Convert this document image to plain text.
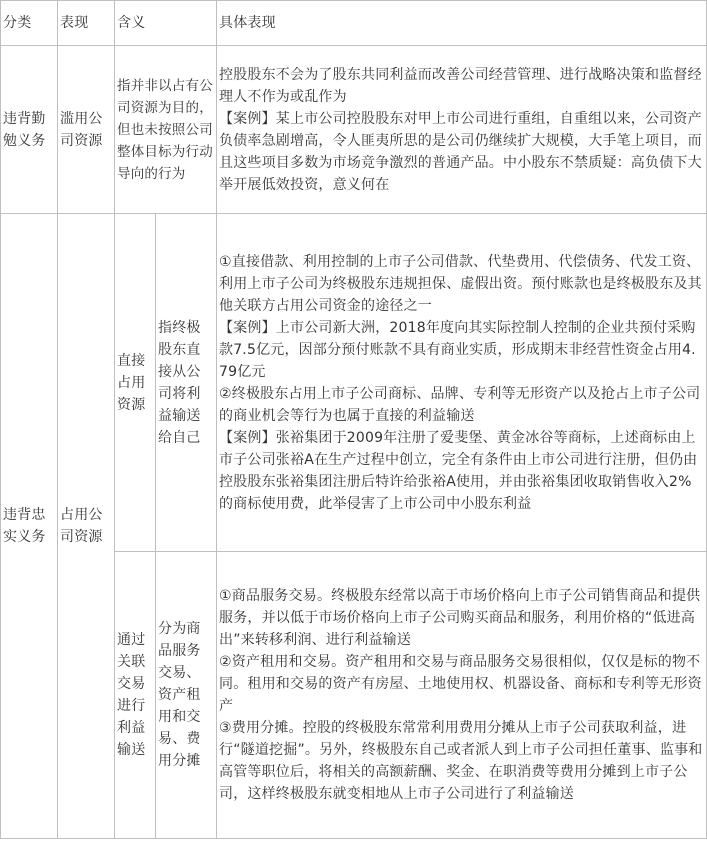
分类	表现	含义		具体表现
违背勤勉义务	滥用公司资源	指并非以占有公司资源为目的，但也未按照公司整体目标为行动导向的行为		控股股东不会为了股东共同利益而改善公司经营管理、进行战略决策和监督经理人不作为或乱作为

【案例】某上市公司控股股东对甲上市公司进行重组，自重组以来，公司资产负债率急剧增高，令人匪夷所思的是公司仍继续扩大规模，大手笔上项目，而且这些项目多数为市场竞争激烈的普通产品。中小股东不禁质疑：高负债下大举开展低效投资，意义何在

违背忠实义务	占用公司资源	直接占用资源	指终极股东直接从公司将利益输送给自己	①直接借款、利用控制的上市子公司借款、代垫费用、代偿债务、代发工资、利用上市子公司为终极股东违规担保、虚假出资。预付账款也是终极股东及其他关联方占用公司资金的途径之一

【案例】上市公司新大洲，2018年度向其实际控制人控制的企业共预付采购款7.5亿元，因部分预付账款不具有商业实质，形成期末非经营性资金占用4.79亿元

②终极股东占用上市子公司商标、品牌、专利等无形资产以及抢占上市子公司的商业机会等行为也属于直接的利益输送

【案例】张裕集团于2009年注册了爱斐堡、黄金冰谷等商标，上述商标由上市子公司张裕A在生产过程中创立，完全有条件由上市公司进行注册，但仍由控股股东张裕集团注册后特许给张裕A使用，并由张裕集团收取销售收入2%的商标使用费，此举侵害了上市公司中小股东利益

		通过关联交易进行利益输送	分为商品服务交易、资产租用和交易、费用分摊	①商品服务交易。终极股东经常以高于市场价格向上市子公司销售商品和提供服务，并以低于市场价格向上市子公司购买商品和服务，利用价格的“低进高出”来转移利润、进行利益输送

②资产租用和交易。资产租用和交易与商品服务交易很相似，仅仅是标的物不同。租用和交易的资产有房屋、土地使用权、机器设备、商标和专利等无形资产

③费用分摊。控股的终极股东常常利用费用分摊从上市子公司获取利益，进行“隧道挖掘”。另外，终极股东自己或者派人到上市子公司担任董事、监事和高管等职位后，将相关的高额薪酬、奖金、在职消费等费用分摊到上市子公司，这样终极股东就变相地从上市子公司进行了利益输送
